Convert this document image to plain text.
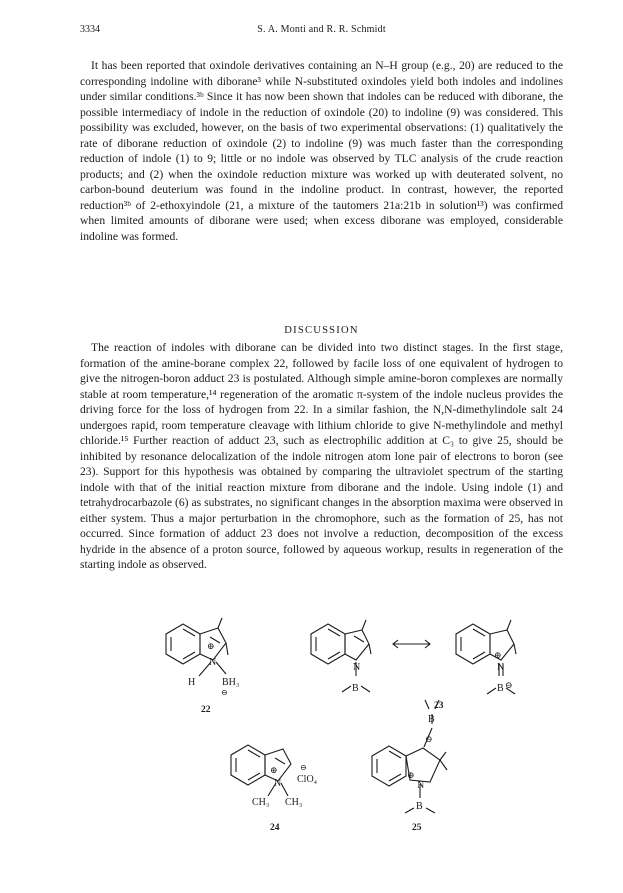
3334	S. A. Monti and R. R. Schmidt

It has been reported that oxindole derivatives containing an N–H group (e.g., 20) are reduced to the corresponding indoline with diborane³ while N-substituted oxindoles yield both indoles and indolines under similar conditions.³ᵇ Since it has now been shown that indoles can be reduced with diborane, the possible intermediacy of indole in the reduction of oxindole (20) to indoline (9) was considered. This possibility was excluded, however, on the basis of two experimental observations: (1) qualitatively the rate of diborane reduction of oxindole (2) to indoline (9) was much faster than the corresponding reduction of indole (1) to 9; little or no indole was observed by TLC analysis of the crude reaction products; and (2) when the oxindole reduction mixture was worked up with deuterated solvent, no carbon-bound deuterium was found in the indoline product. In contrast, however, the reported reduction³ᵇ of 2-ethoxyindole (21, a mixture of the tautomers 21a:21b in solution¹³) was confirmed when limited amounts of diborane were used; when excess diborane was employed, considerable indoline was formed.

DISCUSSION

The reaction of indoles with diborane can be divided into two distinct stages. In the first stage, formation of the amine-borane complex 22, followed by facile loss of one equivalent of hydrogen to give the nitrogen-boron adduct 23 is postulated. Although simple amine-boron complexes are normally stable at room temperature,¹⁴ regeneration of the aromatic π-system of the indole nucleus provides the driving force for the loss of hydrogen from 22. In a similar fashion, the N,N-dimethylindole salt 24 undergoes rapid, room temperature cleavage with lithium chloride to give N-methylindole and methyl chloride.¹⁵ Further reaction of adduct 23, such as electrophilic addition at C₃ to give 25, should be inhibited by resonance delocalization of the indole nitrogen atom lone pair of electrons to boron (see 23). Support for this hypothesis was obtained by comparing the ultraviolet spectrum of the starting indole with that of the initial reaction mixture from diborane and the indole. Using indole (1) and tetrahydrocarbazole (6) as substrates, no significant changes in the absorption maxima were observed in either system. Thus a major perturbation in the chromophore, such as the formation of 25, has not occurred. Since formation of adduct 23 does not involve a reduction, decomposition of the excess hydride in the absence of a proton source, followed by aqueous workup, results in regeneration of the starting indole as observed.

⊕
N
H	BH₃
⊖
22
N
B
⊕
N
B ⊖
23
⊕
N
⊖
ClO₄
CH₃ CH₃
24
B
⊖
⊕
N
B
25
